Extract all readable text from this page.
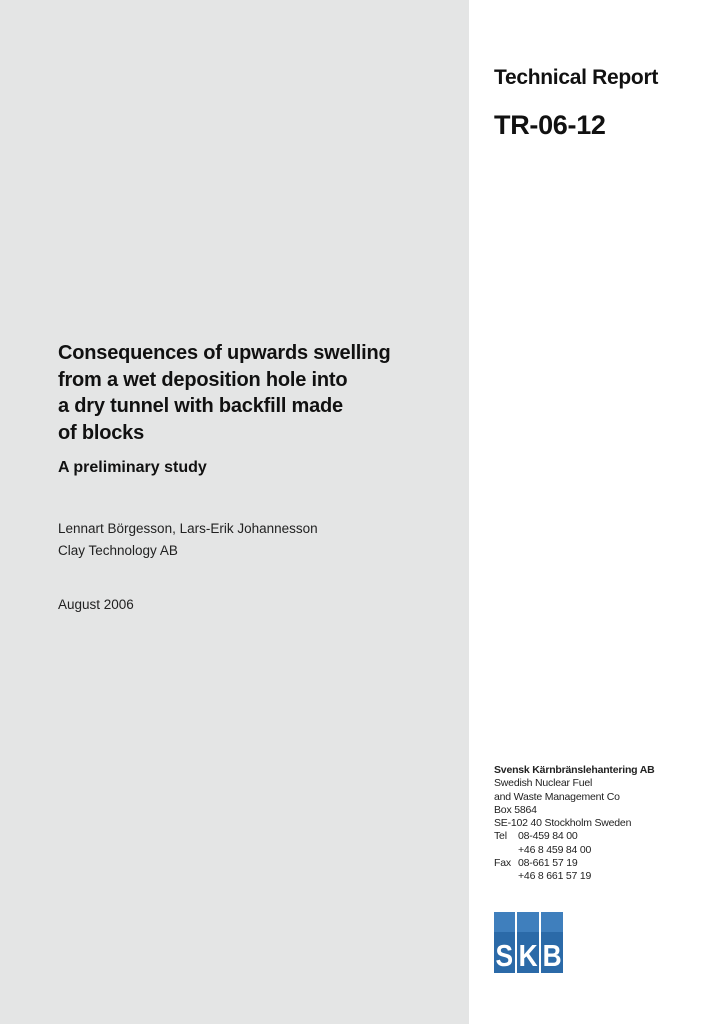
Technical Report
TR-06-12
Consequences of upwards swelling
from a wet deposition hole into
a dry tunnel with backfill made
of blocks
A preliminary study
Lennart Börgesson, Lars-Erik Johannesson
Clay Technology AB
August 2006
Svensk Kärnbränslehantering AB
Swedish Nuclear Fuel
and Waste Management Co
Box 5864
SE-102 40 Stockholm Sweden
Tel	08-459 84 00
+46 8 459 84 00
Fax 08-661 57 19
+46 8 661 57 19
S K B
